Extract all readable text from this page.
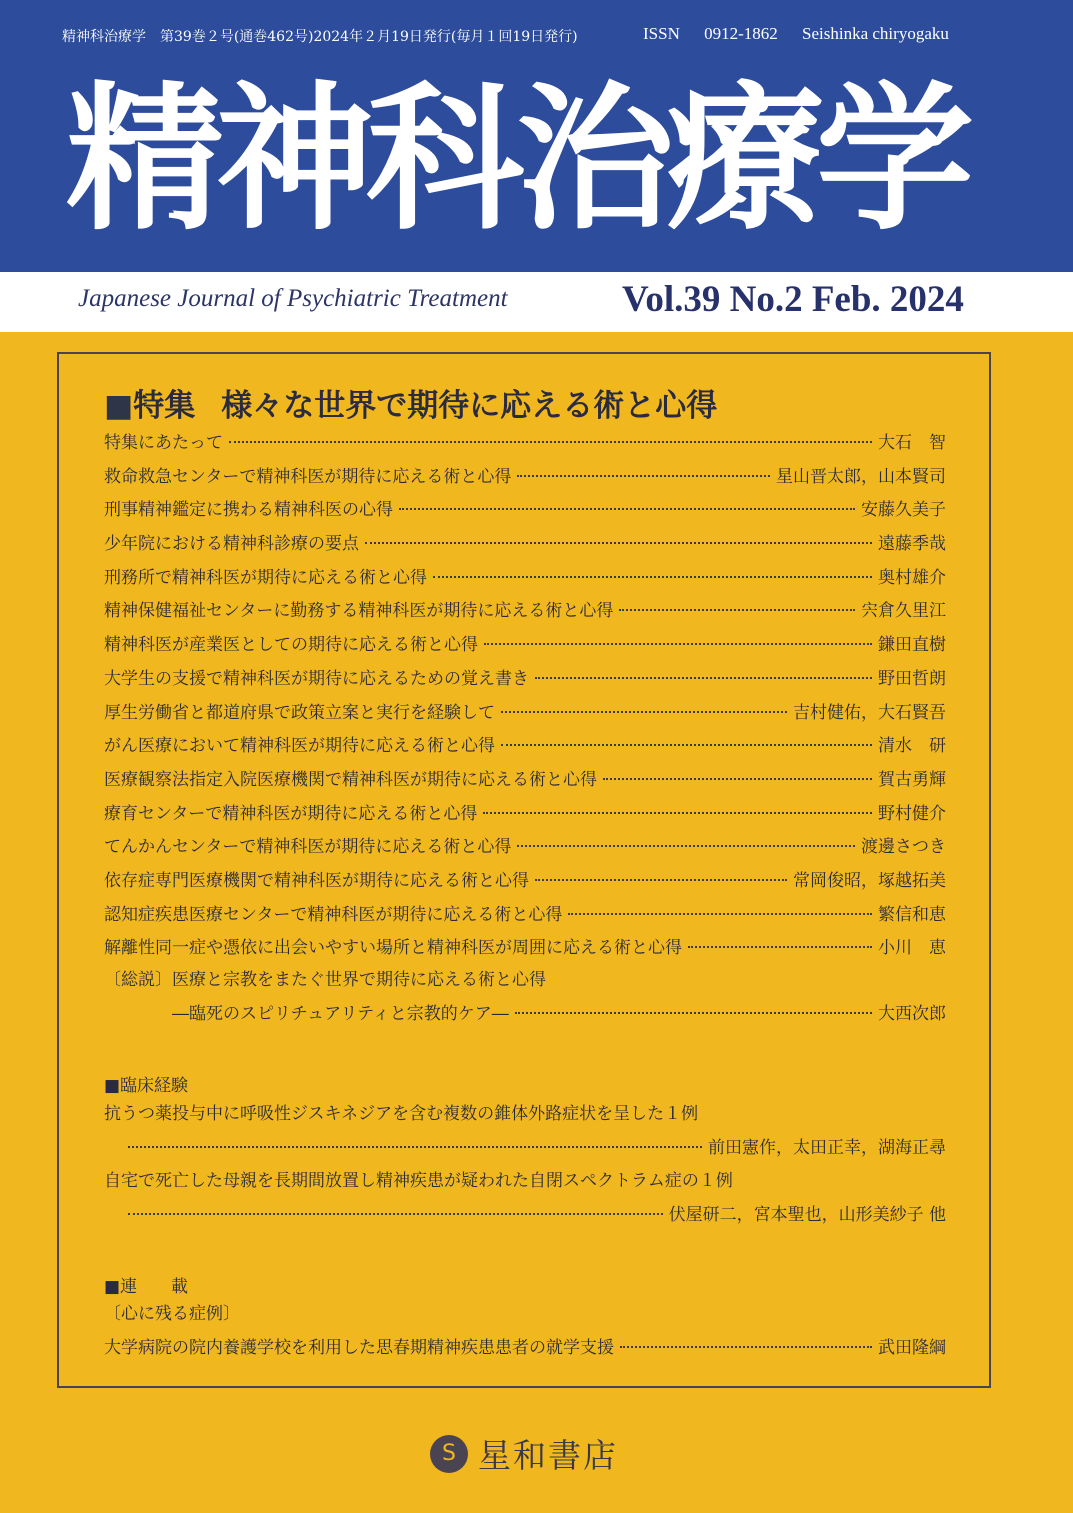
精神科治療学　第39巻２号(通巻462号)2024年２月19日発行(毎月１回19日発行)	ISSN 0912-1862 Seishinka chiryogaku
精神科治療学
Japanese Journal of Psychiatric Treatment	Vol.39 No.2 Feb. 2024
■特集 様々な世界で期待に応える術と心得
特集にあたって	大石　智
救命救急センターで精神科医が期待に応える術と心得	星山晋太郎，山本賢司
刑事精神鑑定に携わる精神科医の心得	安藤久美子
少年院における精神科診療の要点	遠藤季哉
刑務所で精神科医が期待に応える術と心得	奥村雄介
精神保健福祉センターに勤務する精神科医が期待に応える術と心得	宍倉久里江
精神科医が産業医としての期待に応える術と心得	鎌田直樹
大学生の支援で精神科医が期待に応えるための覚え書き	野田哲朗
厚生労働省と都道府県で政策立案と実行を経験して	吉村健佑，大石賢吾
がん医療において精神科医が期待に応える術と心得	清水　研
医療観察法指定入院医療機関で精神科医が期待に応える術と心得	賀古勇輝
療育センターで精神科医が期待に応える術と心得	野村健介
てんかんセンターで精神科医が期待に応える術と心得	渡邊さつき
依存症専門医療機関で精神科医が期待に応える術と心得	常岡俊昭，塚越拓美
認知症疾患医療センターで精神科医が期待に応える術と心得	繁信和恵
解離性同一症や憑依に出会いやすい場所と精神科医が周囲に応える術と心得	小川　恵
〔総説〕医療と宗教をまたぐ世界で期待に応える術と心得
―臨死のスピリチュアリティと宗教的ケア―	大西次郎
■臨床経験
抗うつ薬投与中に呼吸性ジスキネジアを含む複数の錐体外路症状を呈した１例
前田憲作，太田正幸，湖海正尋
自宅で死亡した母親を長期間放置し精神疾患が疑われた自閉スペクトラム症の１例
伏屋研二，宮本聖也，山形美紗子 他
■連　　載
〔心に残る症例〕
大学病院の院内養護学校を利用した思春期精神疾患患者の就学支援	武田隆綱
S 星和書店
